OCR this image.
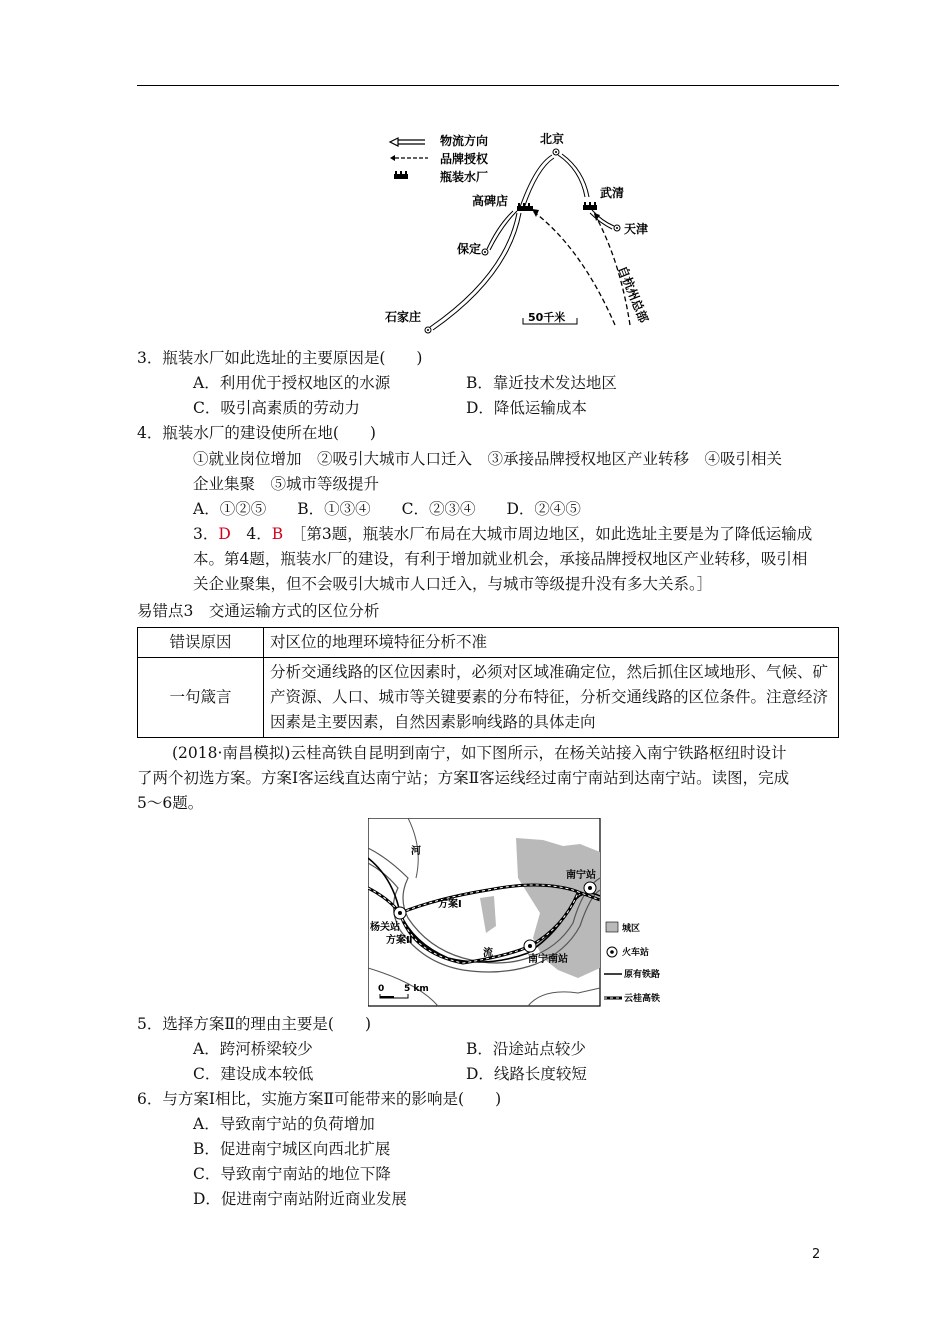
物流方向
品牌授权
瓶装水厂
北京
武清
高碑店
天津
保定
石家庄	自杭州总部
50千米
3．瓶装水厂如此选址的主要原因是(　　)
A．利用优于授权地区的水源	B．靠近技术发达地区
C．吸引高素质的劳动力	D．降低运输成本
4．瓶装水厂的建设使所在地(　　)
①就业岗位增加　②吸引大城市人口迁入　③承接品牌授权地区产业转移　④吸引相关
企业集聚　⑤城市等级提升
A．①②⑤　　B．①③④　　C．②③④　　D．②④⑤
3．D　 4．B　 ［第3题，瓶装水厂布局在大城市周边地区，如此选址主要是为了降低运输成
本。第4题，瓶装水厂的建设，有利于增加就业机会，承接品牌授权地区产业转移，吸引相
关企业聚集，但不会吸引大城市人口迁入，与城市等级提升没有多大关系。］
易错点3　交通运输方式的区位分析
错误原因	对区位的地理环境特征分析不准
一句箴言	分析交通线路的区位因素时，必须对区域准确定位，然后抓住区域地形、气候、矿产资源、人口、城市等关键要素的分布特征，分析交通线路的区位条件。注意经济因素是主要因素，自然因素影响线路的具体走向
(2018·南昌模拟)云桂高铁自昆明到南宁，如下图所示，在杨关站接入南宁铁路枢纽时设计
了两个初选方案。方案Ⅰ客运线直达南宁站；方案Ⅱ客运线经过南宁南站到达南宁站。读图，完成
5～6题。
河
流
方案Ⅰ
方案Ⅱ
杨关站
南宁站
南宁南站
0 5 km
城区
火车站
原有铁路
云桂高铁
5．选择方案Ⅱ的理由主要是(　　)
A．跨河桥梁较少	B．沿途站点较少
C．建设成本较低	D．线路长度较短
6．与方案Ⅰ相比，实施方案Ⅱ可能带来的影响是(　　)
A．导致南宁站的负荷增加
B．促进南宁城区向西北扩展
C．导致南宁南站的地位下降
D．促进南宁南站附近商业发展
2
